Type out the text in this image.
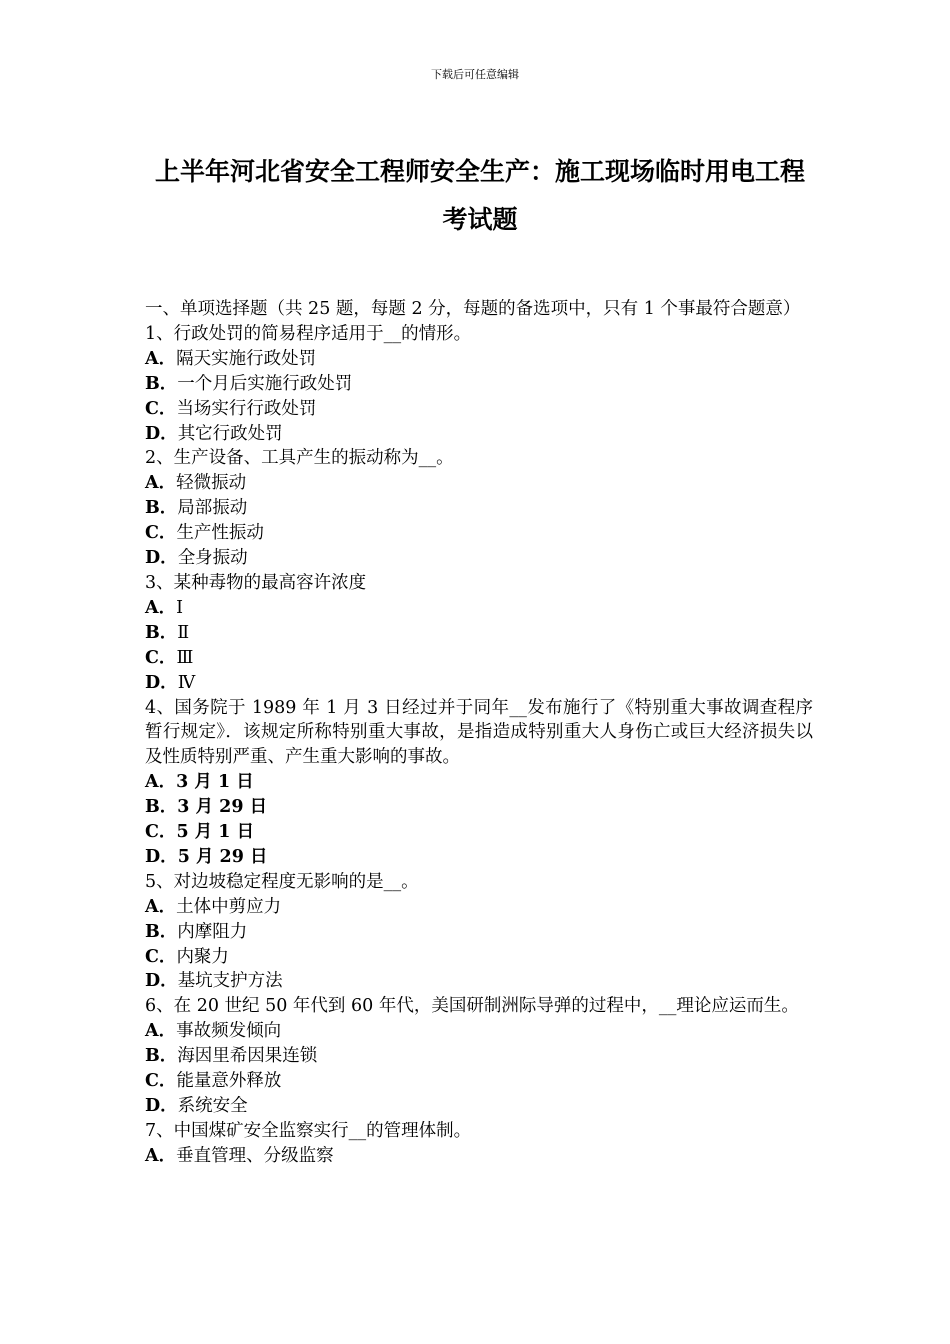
下载后可任意编辑
上半年河北省安全工程师安全生产：施工现场临时用电工程考试题

一、单项选择题（共 25 题，每题 2 分，每题的备选项中，只有 1 个事最符合题意）

1、行政处罚的简易程序适用于__的情形。

A．隔天实施行政处罚

B．一个月后实施行政处罚

C．当场实行行政处罚

D．其它行政处罚

2、生产设备、工具产生的振动称为__。

A．轻微振动

B．局部振动

C．生产性振动

D．全身振动

3、某种毒物的最高容许浓度

A．Ⅰ

B．Ⅱ

C．Ⅲ

D．Ⅳ

4、国务院于 1989 年 1 月 3 日经过并于同年__发布施行了《特别重大事故调查程序暂行规定》．该规定所称特别重大事故，是指造成特别重大人身伤亡或巨大经济损失以及性质特别严重、产生重大影响的事故。

A．3 月 1 日

B．3 月 29 日

C．5 月 1 日

D．5 月 29 日

5、对边坡稳定程度无影响的是__。

A．土体中剪应力

B．内摩阻力

C．内聚力

D．基坑支护方法

6、在 20 世纪 50 年代到 60 年代，美国研制洲际导弹的过程中，__理论应运而生。

A．事故频发倾向

B．海因里希因果连锁

C．能量意外释放

D．系统安全

7、中国煤矿安全监察实行__的管理体制。

A．垂直管理、分级监察
